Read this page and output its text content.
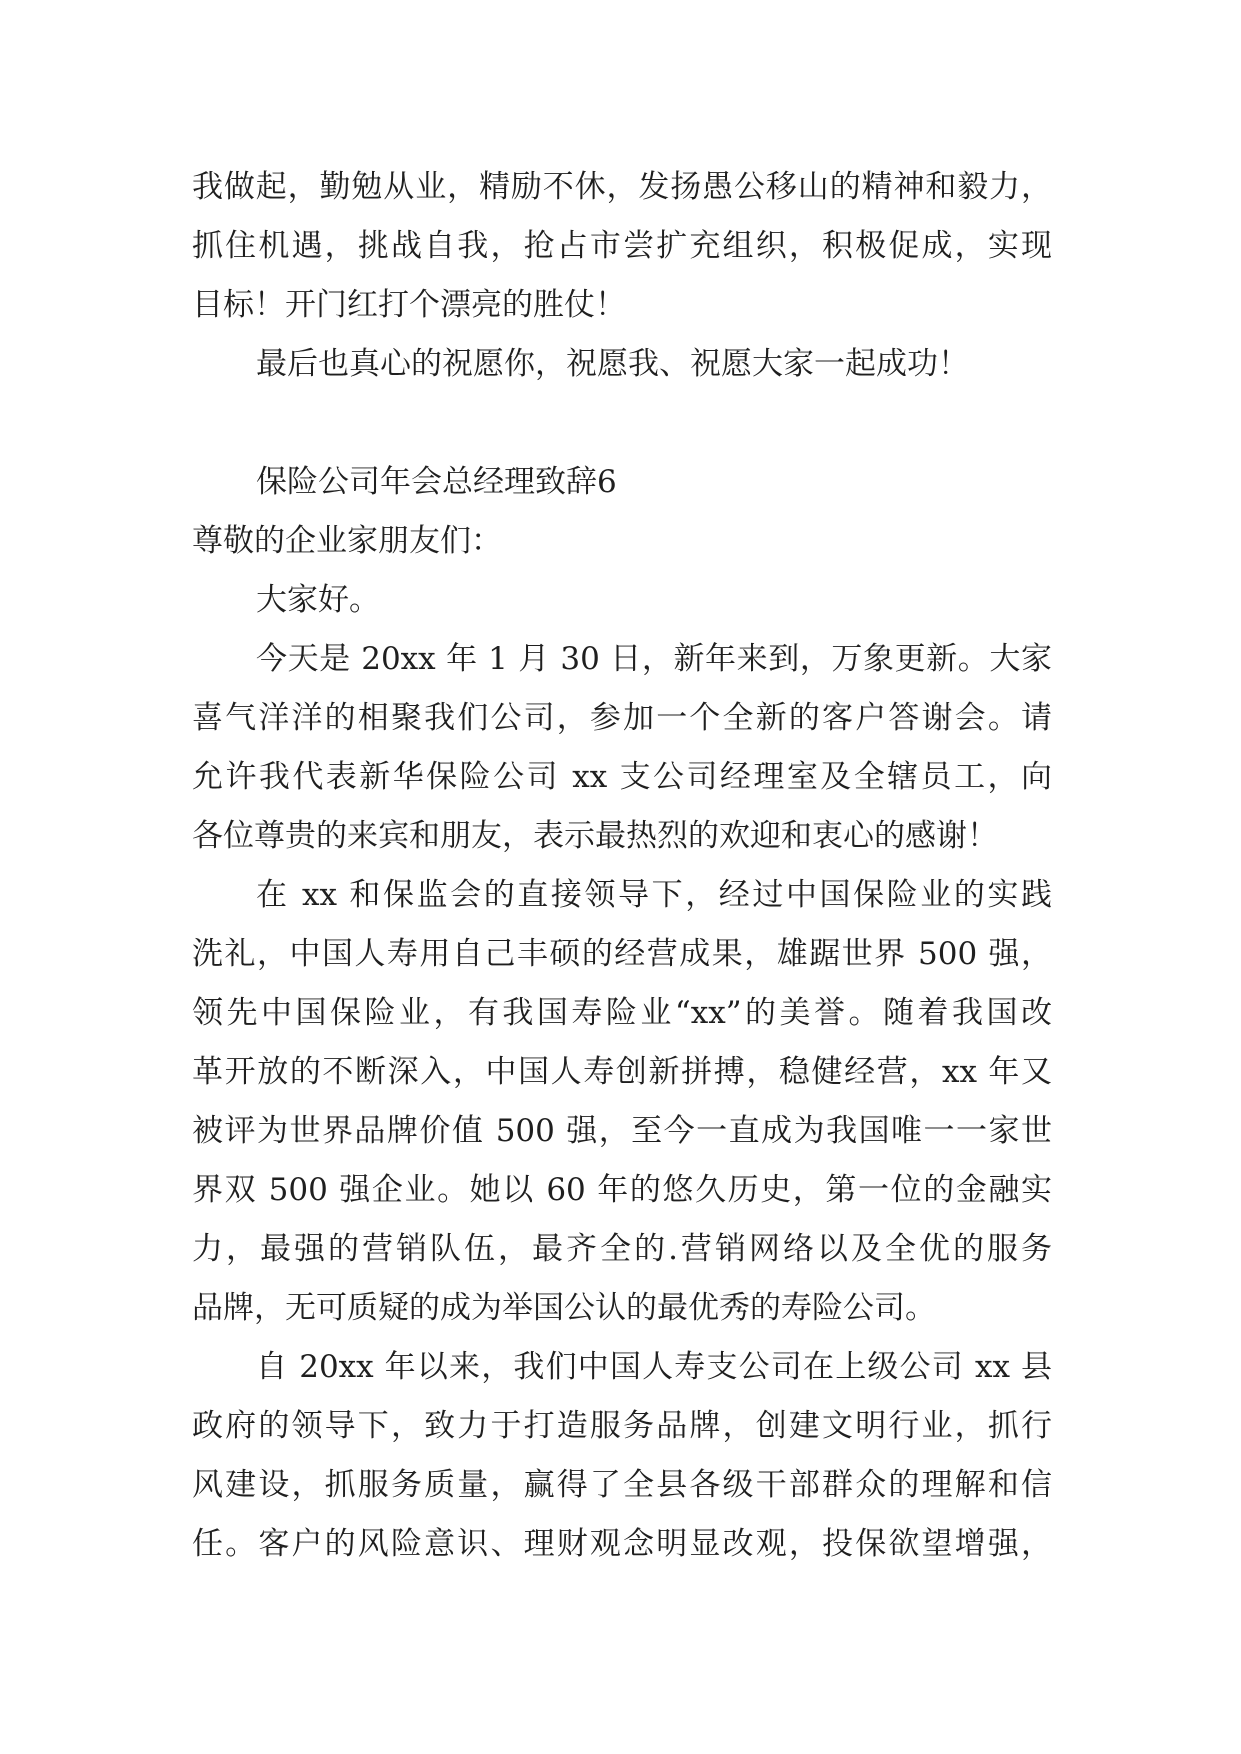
我做起，勤勉从业，精励不休，发扬愚公移山的精神和毅力，
抓住机遇，挑战自我，抢占市尝扩充组织，积极促成，实现
目标！开门红打个漂亮的胜仗！
最后也真心的祝愿你，祝愿我、祝愿大家一起成功！
保险公司年会总经理致辞6
尊敬的企业家朋友们：
大家好。
今天是 20xx 年 1 月 30 日，新年来到，万象更新。大家
喜气洋洋的相聚我们公司，参加一个全新的客户答谢会。请
允许我代表新华保险公司 xx 支公司经理室及全辖员工，向
各位尊贵的来宾和朋友，表示最热烈的欢迎和衷心的感谢！
在 xx 和保监会的直接领导下，经过中国保险业的实践
洗礼，中国人寿用自己丰硕的经营成果，雄踞世界 500 强，
领先中国保险业，有我国寿险业“xx”的美誉。随着我国改
革开放的不断深入，中国人寿创新拼搏，稳健经营，xx 年又
被评为世界品牌价值 500 强，至今一直成为我国唯一一家世
界双 500 强企业。她以 60 年的悠久历史，第一位的金融实
力，最强的营销队伍，最齐全的.营销网络以及全优的服务
品牌，无可质疑的成为举国公认的最优秀的寿险公司。
自 20xx 年以来，我们中国人寿支公司在上级公司 xx 县
政府的领导下，致力于打造服务品牌，创建文明行业，抓行
风建设，抓服务质量，赢得了全县各级干部群众的理解和信
任。客户的风险意识、理财观念明显改观，投保欲望增强，
